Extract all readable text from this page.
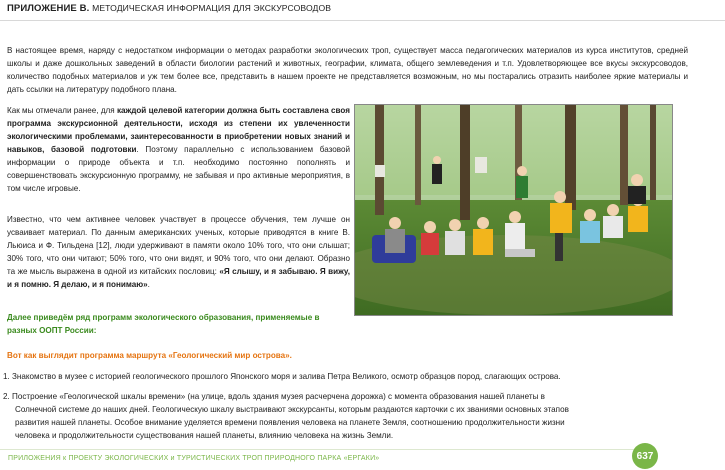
ПРИЛОЖЕНИЕ В. МЕТОДИЧЕСКАЯ ИНФОРМАЦИЯ ДЛЯ ЭКСКУРСОВОДОВ
В настоящее время, наряду с недостатком информации о методах разработки экологических троп, существует масса педагогических материалов из курса институтов, средней школы и даже дошкольных заведений в области биологии растений и животных, географии, климата, общего землеведения и т.п. Удовлетворяющее все вкусы экскурсоводов, количество подобных материалов и уж тем более все, представить в нашем проекте не представляется возможным, но мы постарались отразить наиболее яркие материалы и дать ссылки на литературу подобного плана.
Как мы отмечали ранее, для каждой целевой категории должна быть составлена своя программа экскурсионной деятельности, исходя из степени их увлеченности экологическими проблемами, заинтересованности в приобретении новых знаний и навыков, базовой подготовки. Поэтому параллельно с использованием базовой информации о природе объекта и т.п. необходимо постоянно пополнять и совершенствовать экскурсионную программу, не забывая и про активные мероприятия, в том числе игровые.
Известно, что чем активнее человек участвует в процессе обучения, тем лучше он усваивает материал. По данным американских ученых, которые приводятся в книге В. Льюиса и Ф. Тильдена [12], люди удерживают в памяти около 10% того, что они слышат; 30% того, что они читают; 50% того, что они видят, и 90% того, что они делают. Образно та же мысль выражена в одной из китайских пословиц: «Я слышу, и я забываю. Я вижу, и я помню. Я делаю, и я понимаю».
Далее приведём ряд программ экологического образования, применяемые в разных ООПТ России:
Вот как выглядит программа маршрута «Геологический мир острова».
1. Знакомство в музее с историей геологического прошлого Японского моря и залива Петра Великого, осмотр образцов пород, слагающих острова.
2. Построение «Геологической шкалы времени» (на улице, вдоль здания музея расчерчена дорожка) с момента образования нашей планеты в
Солнечной системе до наших дней. Геологическую шкалу выстраивают экскурсанты, которым раздаются карточки с их званиями основных этапов
развития нашей планеты. Особое внимание уделяется времени появления человека на планете Земля, соотношению продолжительности жизни
человека и продолжительности существования нашей планеты, влиянию человека на жизнь Земли.
ПРИЛОЖЕНИЯ к ПРОЕКТУ ЭКОЛОГИЧЕСКИХ и ТУРИСТИЧЕСКИХ ТРОП ПРИРОДНОГО ПАРКА «ЕРГАКИ»	637
